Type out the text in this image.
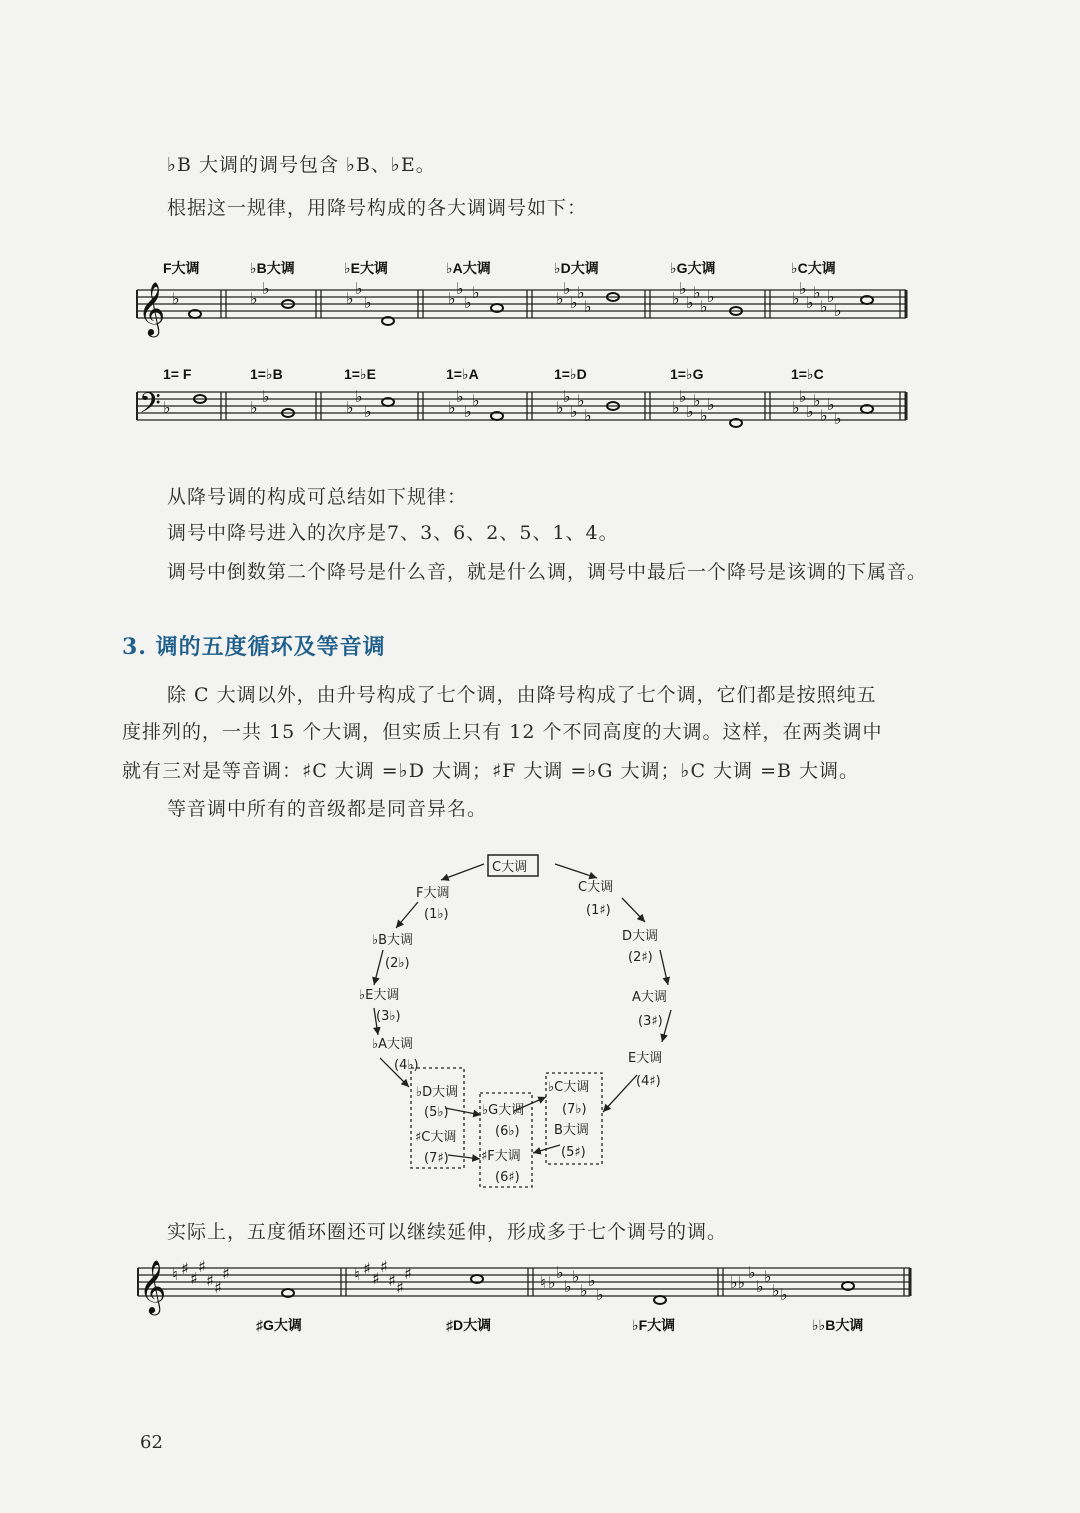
♭B 大调的调号包含 ♭B、♭E。
根据这一规律，用降号构成的各大调调号如下：
𝄞
𝄢
♭	♭
♭
♭
♭
♭	♭
♭
♭
♭	♭
♭
♭
♭
♭	♭
♭
♭
♭
♭
♭	♭
♭
♭
♭
♭
♭
♭
♭	♭
♭
♭
♭
♭	♭
♭
♭
♭	♭
♭
♭
♭
♭	♭
♭
♭
♭
♭
♭	♭
♭
♭
♭
♭
♭
♭
F大调	♭B大调	♭E大调	♭A大调	♭D大调	♭G大调	♭C大调
1= F	1=♭B	1=♭E	1=♭A	1=♭D	1=♭G	1=♭C
从降号调的构成可总结如下规律：
调号中降号进入的次序是7、3、6、2、5、1、4。
调号中倒数第二个降号是什么音，就是什么调，调号中最后一个降号是该调的下属音。
3. 调的五度循环及等音调
除 C 大调以外，由升号构成了七个调，由降号构成了七个调，它们都是按照纯五
度排列的，一共 15 个大调，但实质上只有 12 个不同高度的大调。这样，在两类调中
就有三对是等音调：♯C 大调 =♭D 大调；♯F 大调 =♭G 大调；♭C 大调 =B 大调。
等音调中所有的音级都是同音异名。
C大调
F大调
(1♭)
♭B大调
(2♭)
♭E大调
(3♭)
♭A大调
(4♭)
C大调
(1♯)
D大调
(2♯)
A大调
(3♯)
E大调
(4♯)
♭D大调
(5♭)
♯C大调
(7♯)
♭G大调
(6♭)
♯F大调
(6♯)
♭C大调
(7♭)
B大调
(5♯)
实际上，五度循环圈还可以继续延伸，形成多于七个调号的调。
𝄞 ♮ ♯
♯
♯
♯ ♯
♯	♮ ♯
♯
♯
♯ ♯
♯	♮ ♭
♭
♭
♭
♭
♭
♭
♭♭
♭
♭
♭
♭ ♭
♯G大调	♯D大调	♭F大调	♭♭B大调
62
